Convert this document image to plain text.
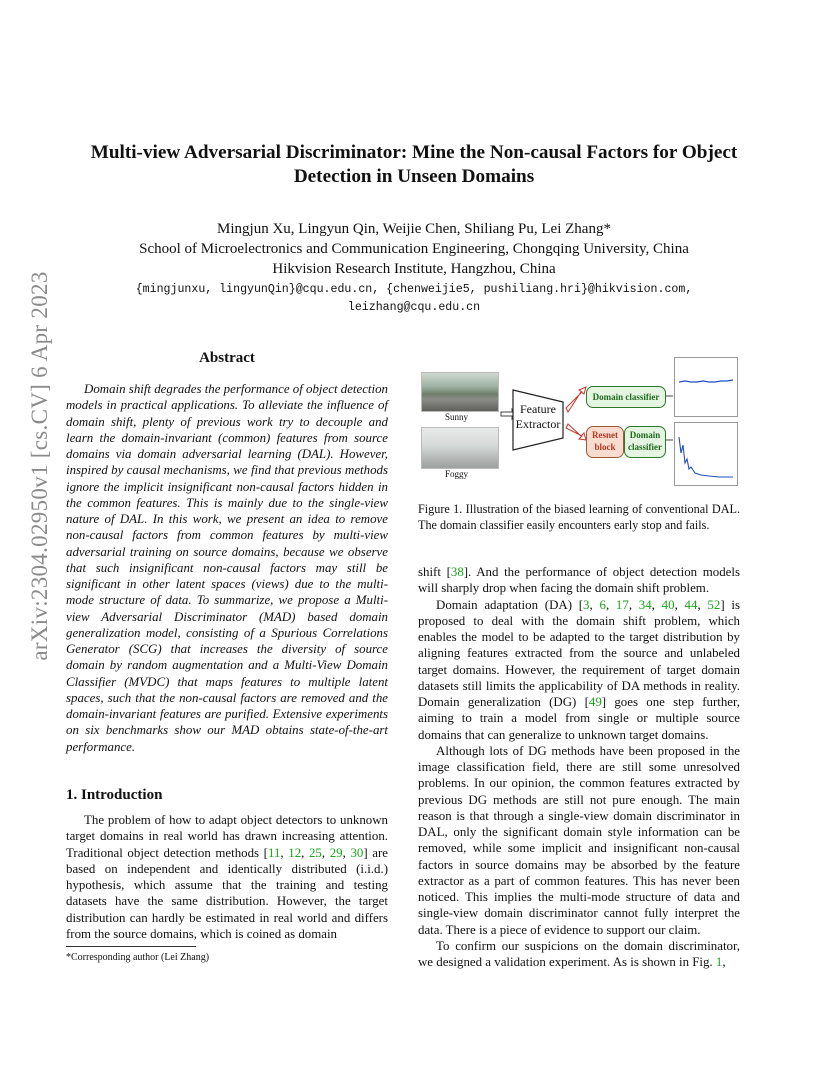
arXiv:2304.02950v1 [cs.CV] 6 Apr 2023
Multi-view Adversarial Discriminator: Mine the Non-causal Factors for Object
Detection in Unseen Domains
Mingjun Xu, Lingyun Qin, Weijie Chen, Shiliang Pu, Lei Zhang*
School of Microelectronics and Communication Engineering, Chongqing University, China
Hikvision Research Institute, Hangzhou, China
{mingjunxu, lingyunQin}@cqu.edu.cn, {chenweijie5, pushiliang.hri}@hikvision.com,
leizhang@cqu.edu.cn
Abstract

Domain shift degrades the performance of object detection models in practical applications. To alleviate the influence of domain shift, plenty of previous work try to decouple and learn the domain-invariant (common) features from source domains via domain adversarial learning (DAL). However, inspired by causal mechanisms, we find that previous methods ignore the implicit insignificant non-causal factors hidden in the common features. This is mainly due to the single-view nature of DAL. In this work, we present an idea to remove non-causal factors from common features by multi-view adversarial training on source domains, because we observe that such insignificant non-causal factors may still be significant in other latent spaces (views) due to the multi-mode structure of data. To summarize, we propose a Multi-view Adversarial Discriminator (MAD) based domain generalization model, consisting of a Spurious Correlations Generator (SCG) that increases the diversity of source domain by random augmentation and a Multi-View Domain Classifier (MVDC) that maps features to multiple latent spaces, such that the non-causal factors are removed and the domain-invariant features are purified. Extensive experiments on six benchmarks show our MAD obtains state-of-the-art performance.

1. Introduction

The problem of how to adapt object detectors to unknown target domains in real world has drawn increasing attention. Traditional object detection methods [11, 12, 25, 29, 30] are based on independent and identically distributed (i.i.d.) hypothesis, which assume that the training and testing datasets have the same distribution. However, the target distribution can hardly be estimated in real world and differs from the source domains, which is coined as domain

*Corresponding author (Lei Zhang)
Sunny
Foggy
Feature
Extractor
Domain classifier
Resnet
block
Domain
classifier
Figure 1. Illustration of the biased learning of conventional DAL. The domain classifier easily encounters early stop and fails.

shift [38]. And the performance of object detection models will sharply drop when facing the domain shift problem.

Domain adaptation (DA) [3, 6, 17, 34, 40, 44, 52] is proposed to deal with the domain shift problem, which enables the model to be adapted to the target distribution by aligning features extracted from the source and unlabeled target domains. However, the requirement of target domain datasets still limits the applicability of DA methods in reality. Domain generalization (DG) [49] goes one step further, aiming to train a model from single or multiple source domains that can generalize to unknown target domains.

Although lots of DG methods have been proposed in the image classification field, there are still some unresolved problems. In our opinion, the common features extracted by previous DG methods are still not pure enough. The main reason is that through a single-view domain discriminator in DAL, only the significant domain style information can be removed, while some implicit and insignificant non-causal factors in source domains may be absorbed by the feature extractor as a part of common features. This has never been noticed. This implies the multi-mode structure of data and single-view domain discriminator cannot fully interpret the data. There is a piece of evidence to support our claim.

To confirm our suspicions on the domain discriminator, we designed a validation experiment. As is shown in Fig. 1,
